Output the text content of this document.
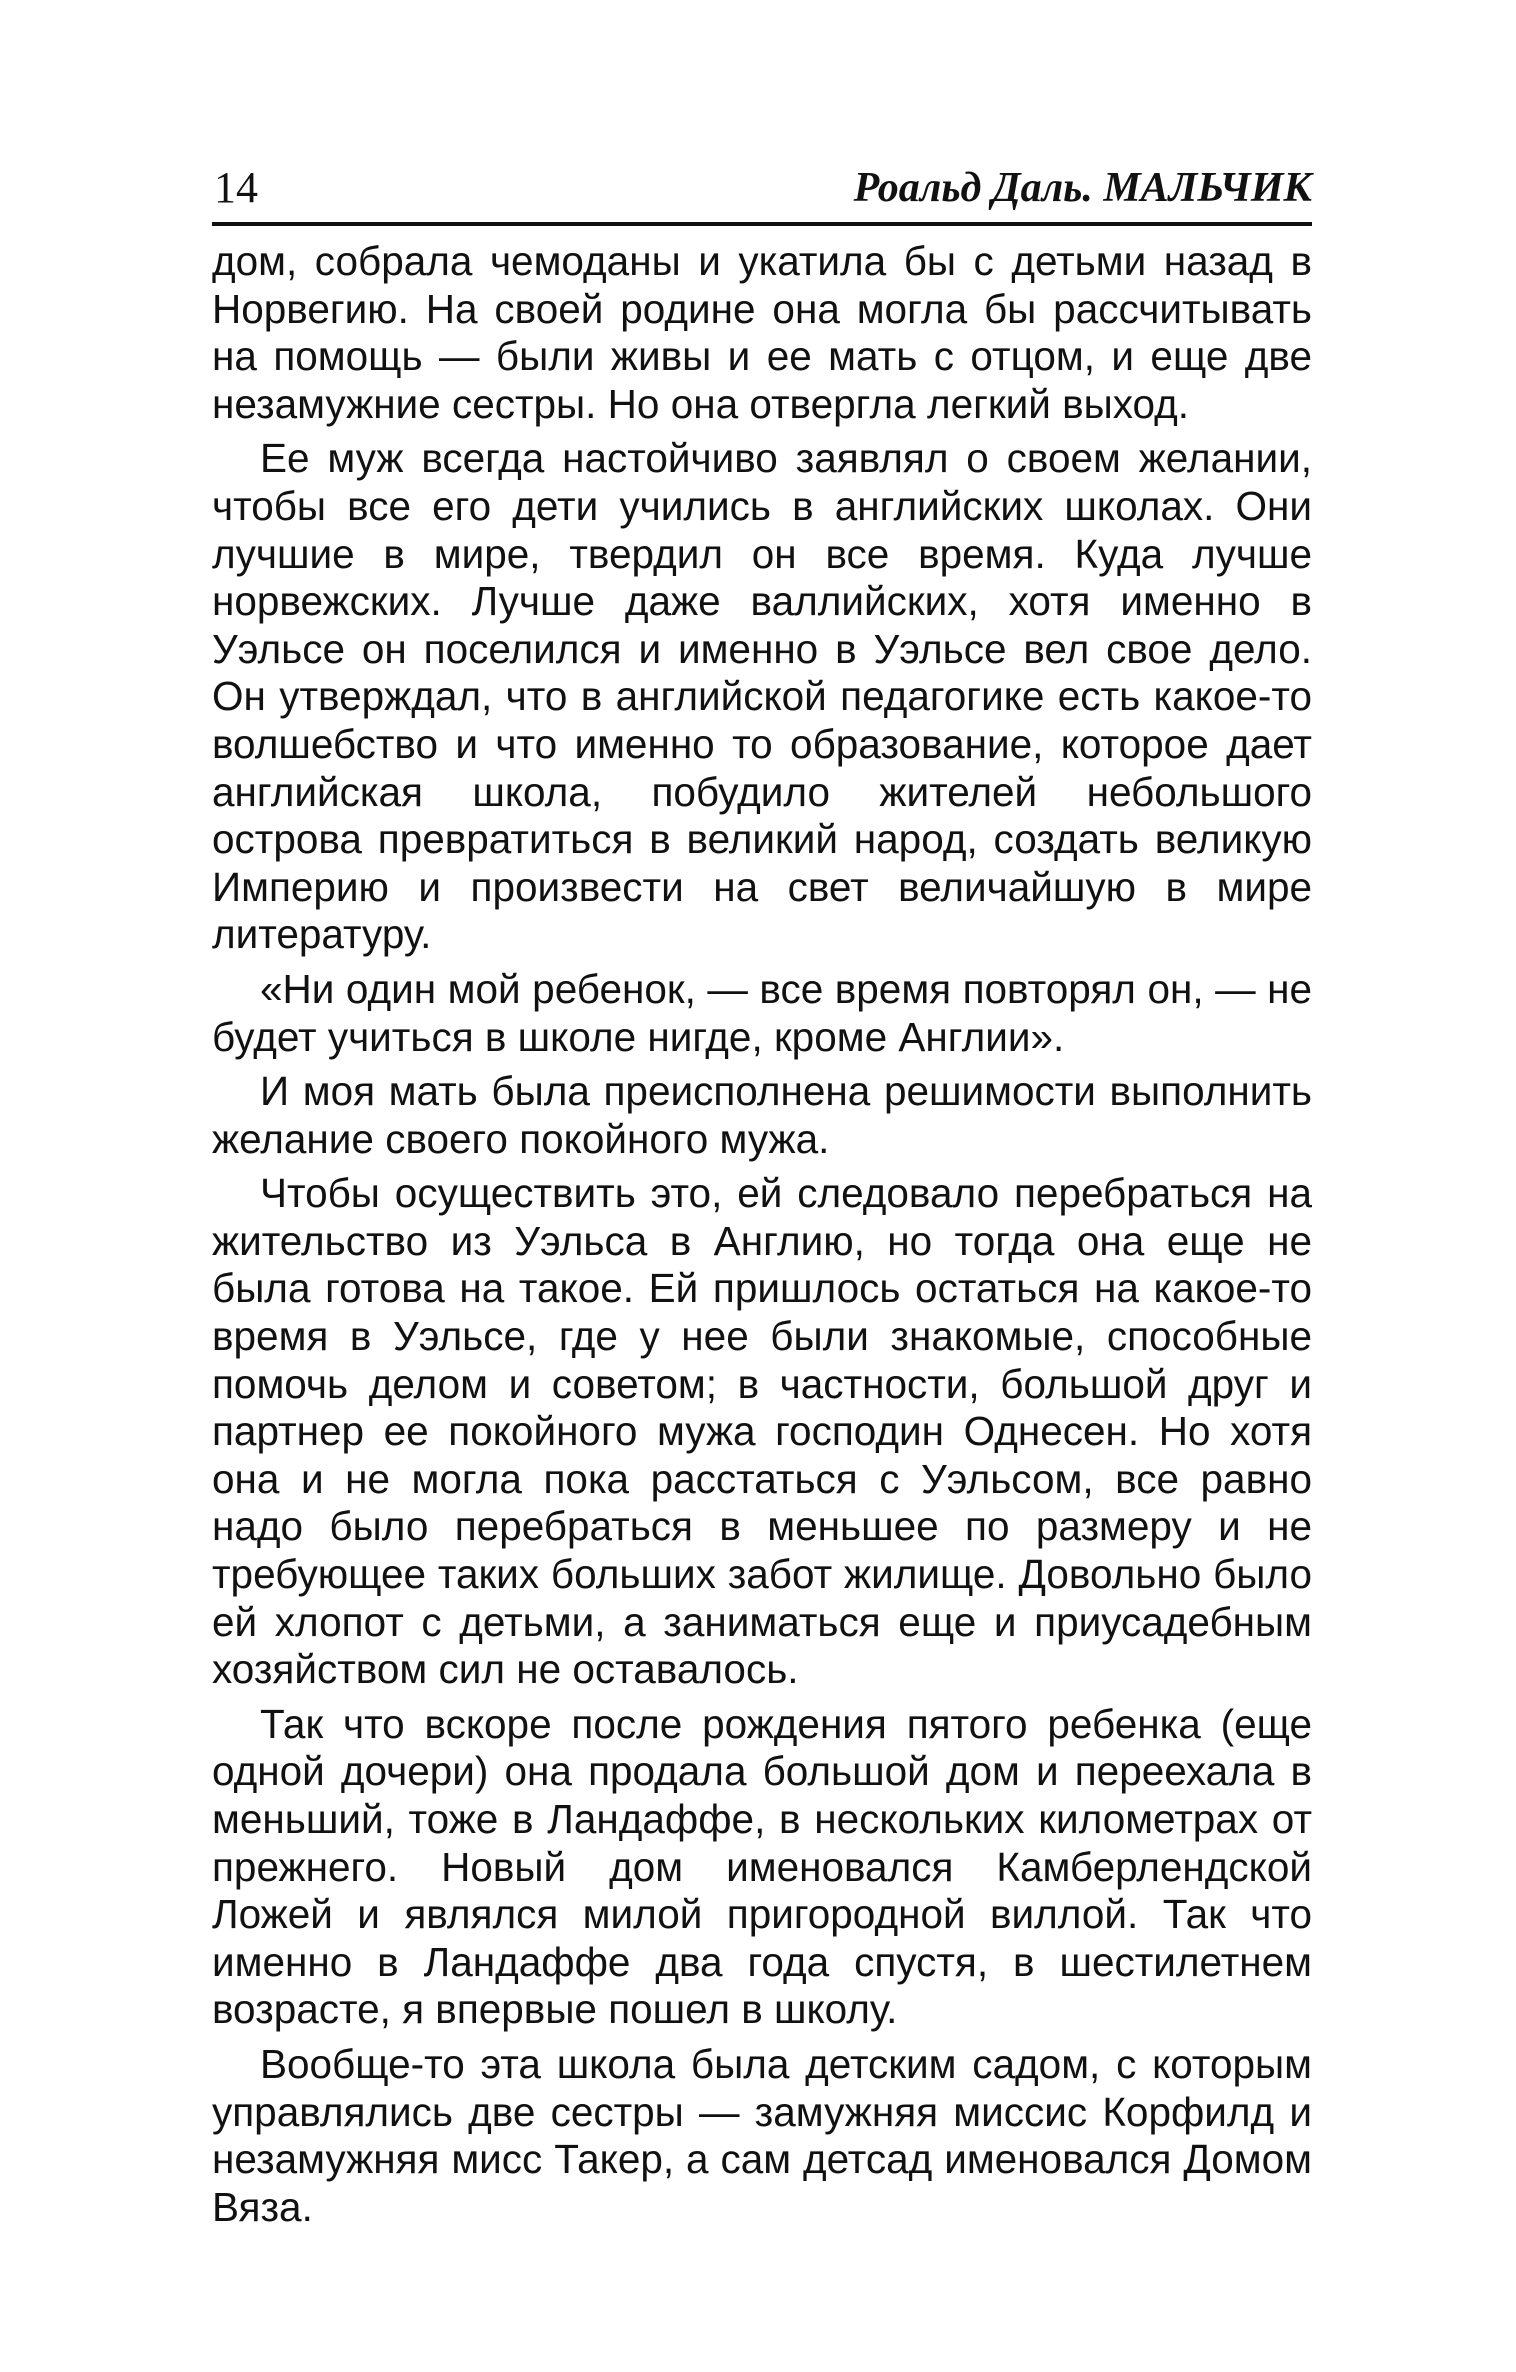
14	Роальд Даль. МАЛЬЧИК

дом, собрала чемоданы и укатила бы с детьми назад в Норвегию. На своей родине она могла бы рассчитывать на помощь — были живы и ее мать с отцом, и еще две незамужние сестры. Но она отвергла легкий выход.

Ее муж всегда настойчиво заявлял о своем желании, чтобы все его дети учились в английских школах. Они лучшие в мире, твердил он все время. Куда лучше норвежских. Лучше даже валлийских, хотя именно в Уэльсе он поселился и именно в Уэльсе вел свое дело. Он утверждал, что в английской педагогике есть какое-то волшебство и что именно то образование, которое дает английская школа, побудило жителей небольшого острова превратиться в великий народ, создать великую Империю и произвести на свет величайшую в мире литературу.

«Ни один мой ребенок, — все время повторял он, — не будет учиться в школе нигде, кроме Англии».

И моя мать была преисполнена решимости выполнить желание своего покойного мужа.

Чтобы осуществить это, ей следовало перебраться на жительство из Уэльса в Англию, но тогда она еще не была готова на такое. Ей пришлось остаться на какое-то время в Уэльсе, где у нее были знакомые, способные помочь делом и советом; в частности, большой друг и партнер ее покойного мужа господин Однесен. Но хотя она и не могла пока расстаться с Уэльсом, все равно надо было перебраться в меньшее по размеру и не требующее таких больших забот жилище. Довольно было ей хлопот с детьми, а заниматься еще и приусадебным хозяйством сил не оставалось.

Так что вскоре после рождения пятого ребенка (еще одной дочери) она продала большой дом и переехала в меньший, тоже в Ландаффе, в нескольких километрах от прежнего. Новый дом именовался Камберлендской Ложей и являлся милой пригородной виллой. Так что именно в Ландаффе два года спустя, в шестилетнем возрасте, я впервые пошел в школу.

Вообще-то эта школа была детским садом, с которым управлялись две сестры — замужняя миссис Корфилд и незамужняя мисс Такер, а сам детсад именовался Домом Вяза.
